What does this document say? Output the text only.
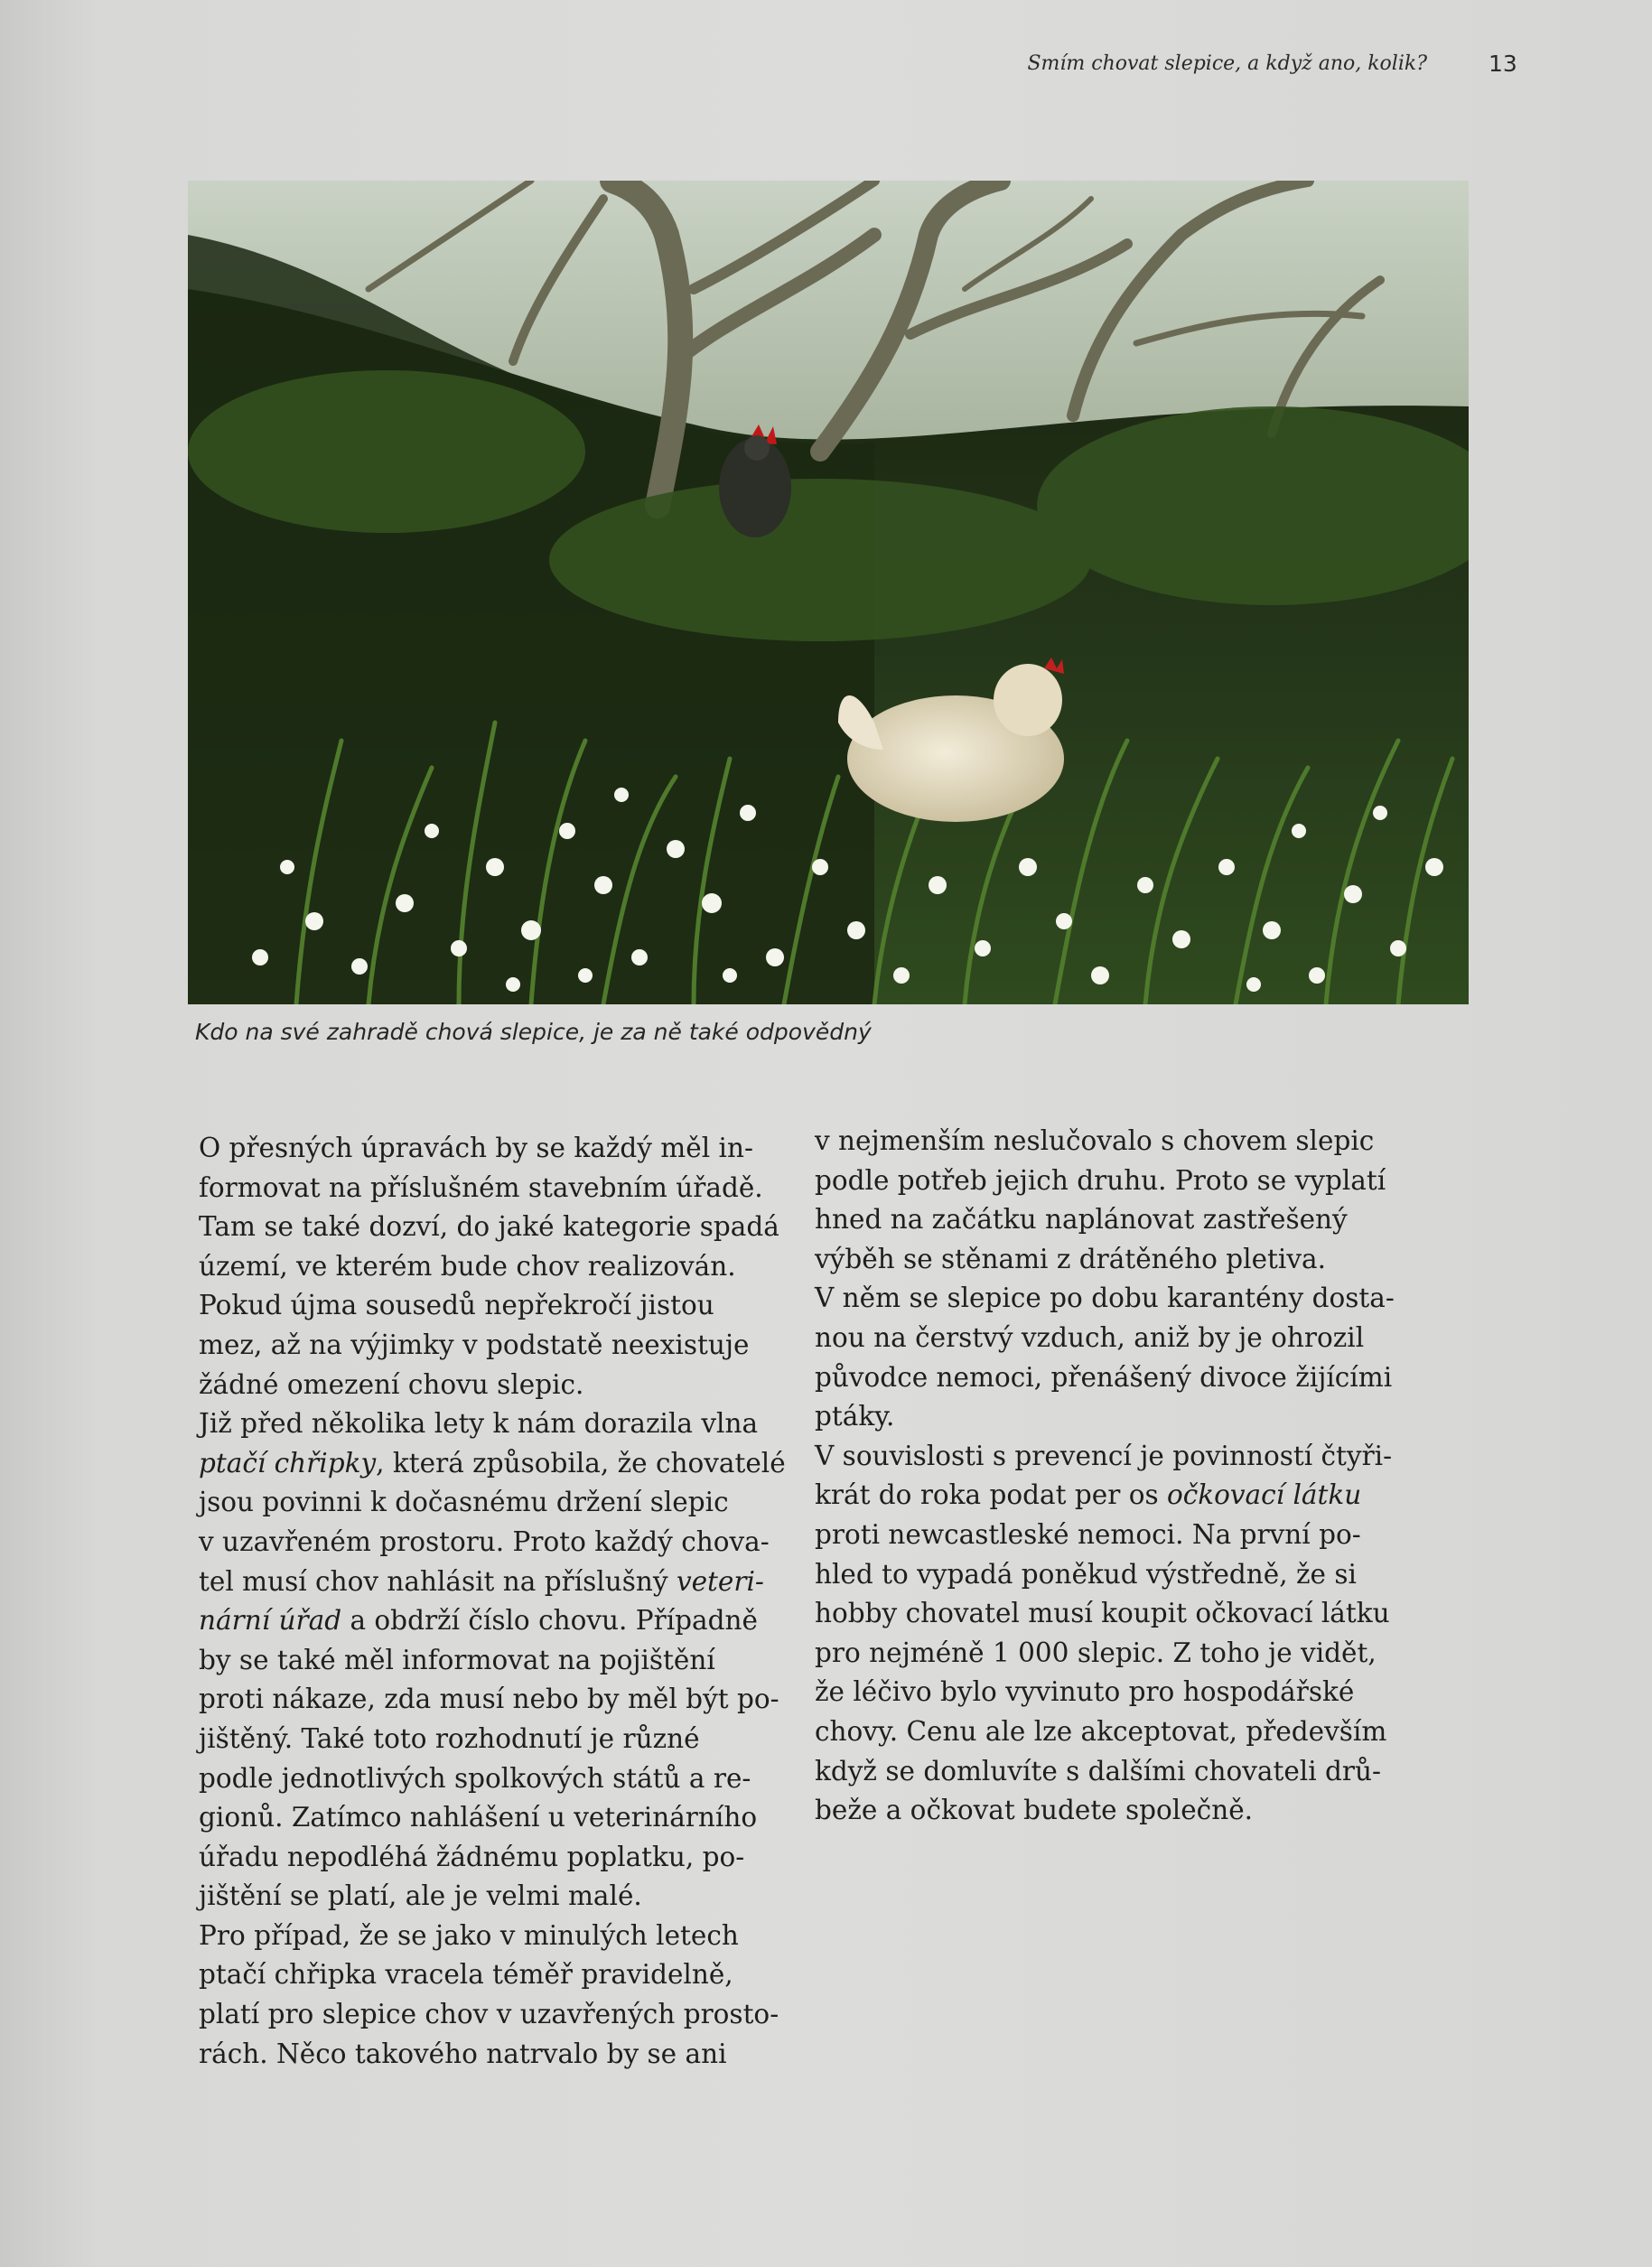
Smím chovat slepice, a když ano, kolik?	13
Kdo na své zahradě chová slepice, je za ně také odpovědný
O přesných úpravách by se každý měl in-
formovat na příslušném stavebním úřadě.
Tam se také dozví, do jaké kategorie spadá
území, ve kterém bude chov realizován.
Pokud újma sousedů nepřekročí jistou
mez, až na výjimky v podstatě neexistuje
žádné omezení chovu slepic.
Již před několika lety k nám dorazila vlna
ptačí chřipky, která způsobila, že chovatelé
jsou povinni k dočasnému držení slepic
v uzavřeném prostoru. Proto každý chova-
tel musí chov nahlásit na příslušný veteri-
nární úřad a obdrží číslo chovu. Případně
by se také měl informovat na pojištění
proti nákaze, zda musí nebo by měl být po-
jištěný. Také toto rozhodnutí je různé
podle jednotlivých spolkových států a re-
gionů. Zatímco nahlášení u veterinárního
úřadu nepodléhá žádnému poplatku, po-
jištění se platí, ale je velmi malé.
Pro případ, že se jako v minulých letech
ptačí chřipka vracela téměř pravidelně,
platí pro slepice chov v uzavřených prosto-
rách. Něco takového natrvalo by se ani
v nejmenším neslučovalo s chovem slepic
podle potřeb jejich druhu. Proto se vyplatí
hned na začátku naplánovat zastřešený
výběh se stěnami z drátěného pletiva.
V něm se slepice po dobu karantény dosta-
nou na čerstvý vzduch, aniž by je ohrozil
původce nemoci, přenášený divoce žijícími
ptáky.
V souvislosti s prevencí je povinností čtyři-
krát do roka podat per os očkovací látku
proti newcastleské nemoci. Na první po-
hled to vypadá poněkud výstředně, že si
hobby chovatel musí koupit očkovací látku
pro nejméně 1 000 slepic. Z toho je vidět,
že léčivo bylo vyvinuto pro hospodářské
chovy. Cenu ale lze akceptovat, především
když se domluvíte s dalšími chovateli drů-
beže a očkovat budete společně.
